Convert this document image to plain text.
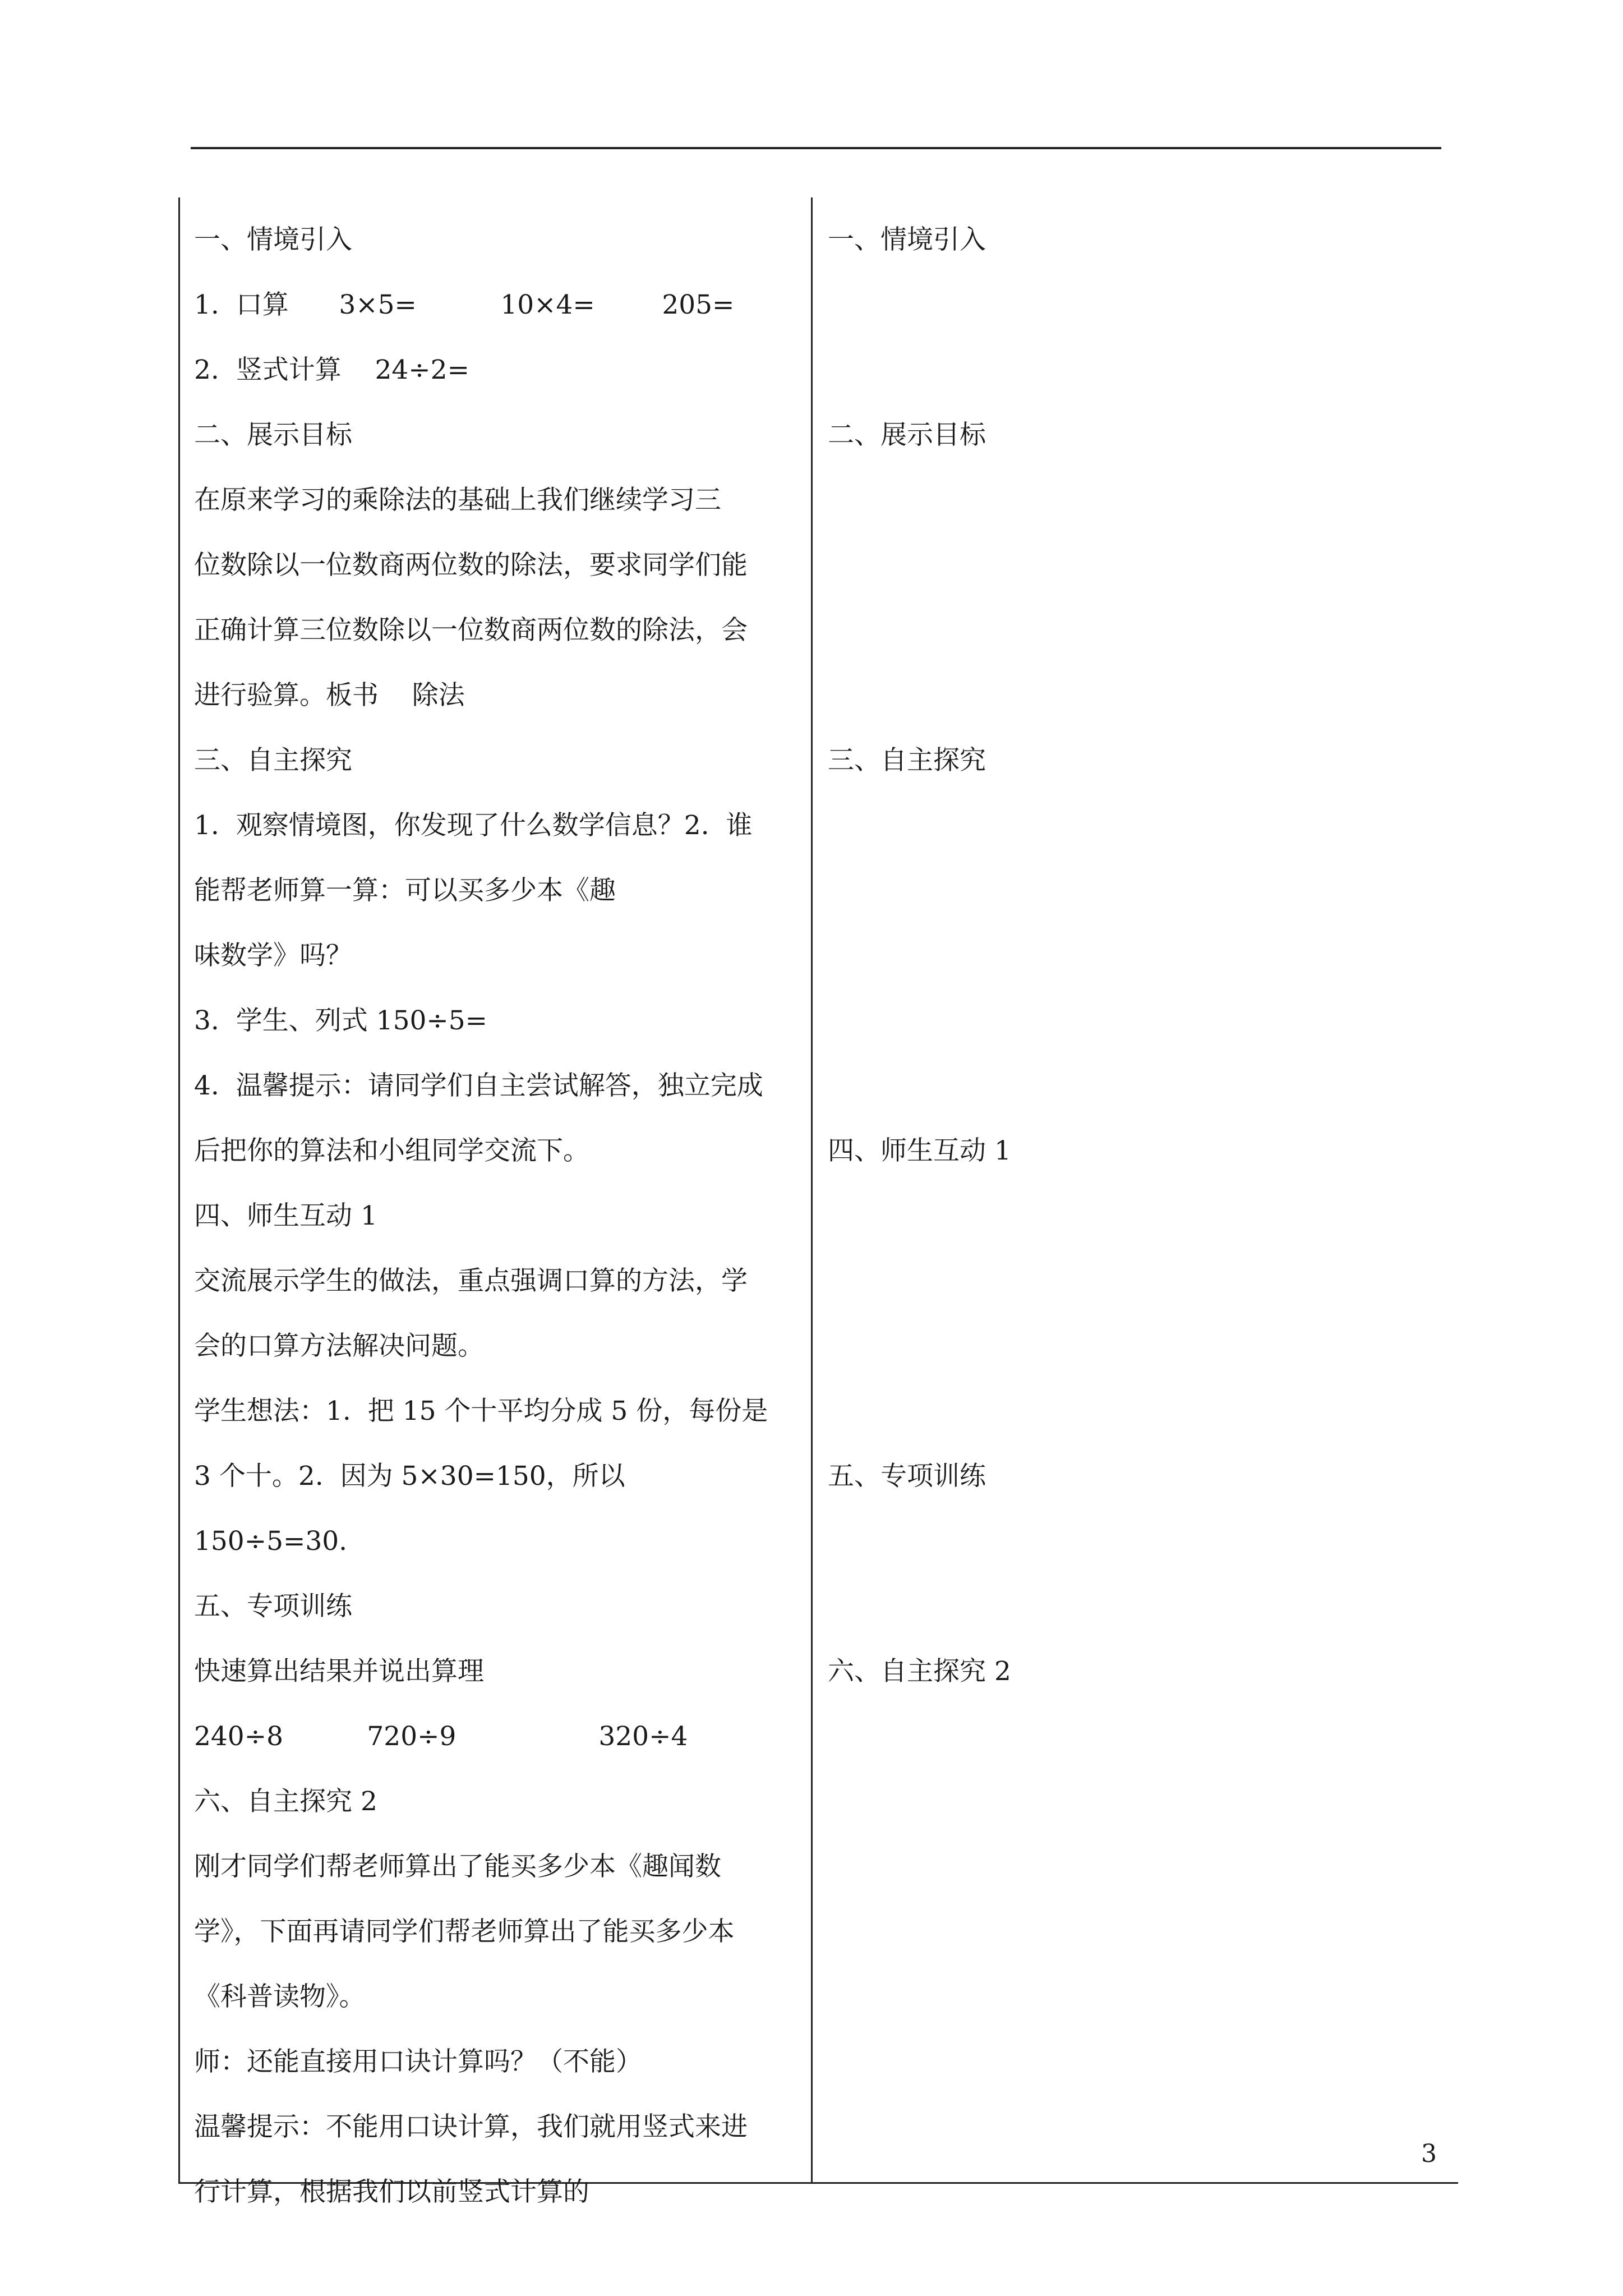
一、情境引入
1.  口算      3×5=          10×4=        205=
2.  竖式计算    24÷2=
二、展示目标
在原来学习的乘除法的基础上我们继续学习三
位数除以一位数商两位数的除法，要求同学们能
正确计算三位数除以一位数商两位数的除法，会
进行验算。板书    除法
三、自主探究
1.  观察情境图，你发现了什么数学信息？2.  谁
能帮老师算一算：可以买多少本《趣
味数学》吗？
3.  学生、列式 150÷5=
4.  温馨提示：请同学们自主尝试解答，独立完成
后把你的算法和小组同学交流下。
四、师生互动 1
交流展示学生的做法，重点强调口算的方法，学
会的口算方法解决问题。
学生想法：1.  把 15 个十平均分成 5 份，每份是
3 个十。2.  因为 5×30=150，所以
150÷5=30.
五、专项训练
快速算出结果并说出算理
240÷8          720÷9                 320÷4
六、自主探究 2
刚才同学们帮老师算出了能买多少本《趣闻数
学》，下面再请同学们帮老师算出了能买多少本
《科普读物》。
师：还能直接用口诀计算吗？（不能）
温馨提示：不能用口诀计算，我们就用竖式来进
行计算，根据我们以前竖式计算的
一、情境引入
二、展示目标
三、自主探究
四、师生互动 1
五、专项训练
六、自主探究 2
3
